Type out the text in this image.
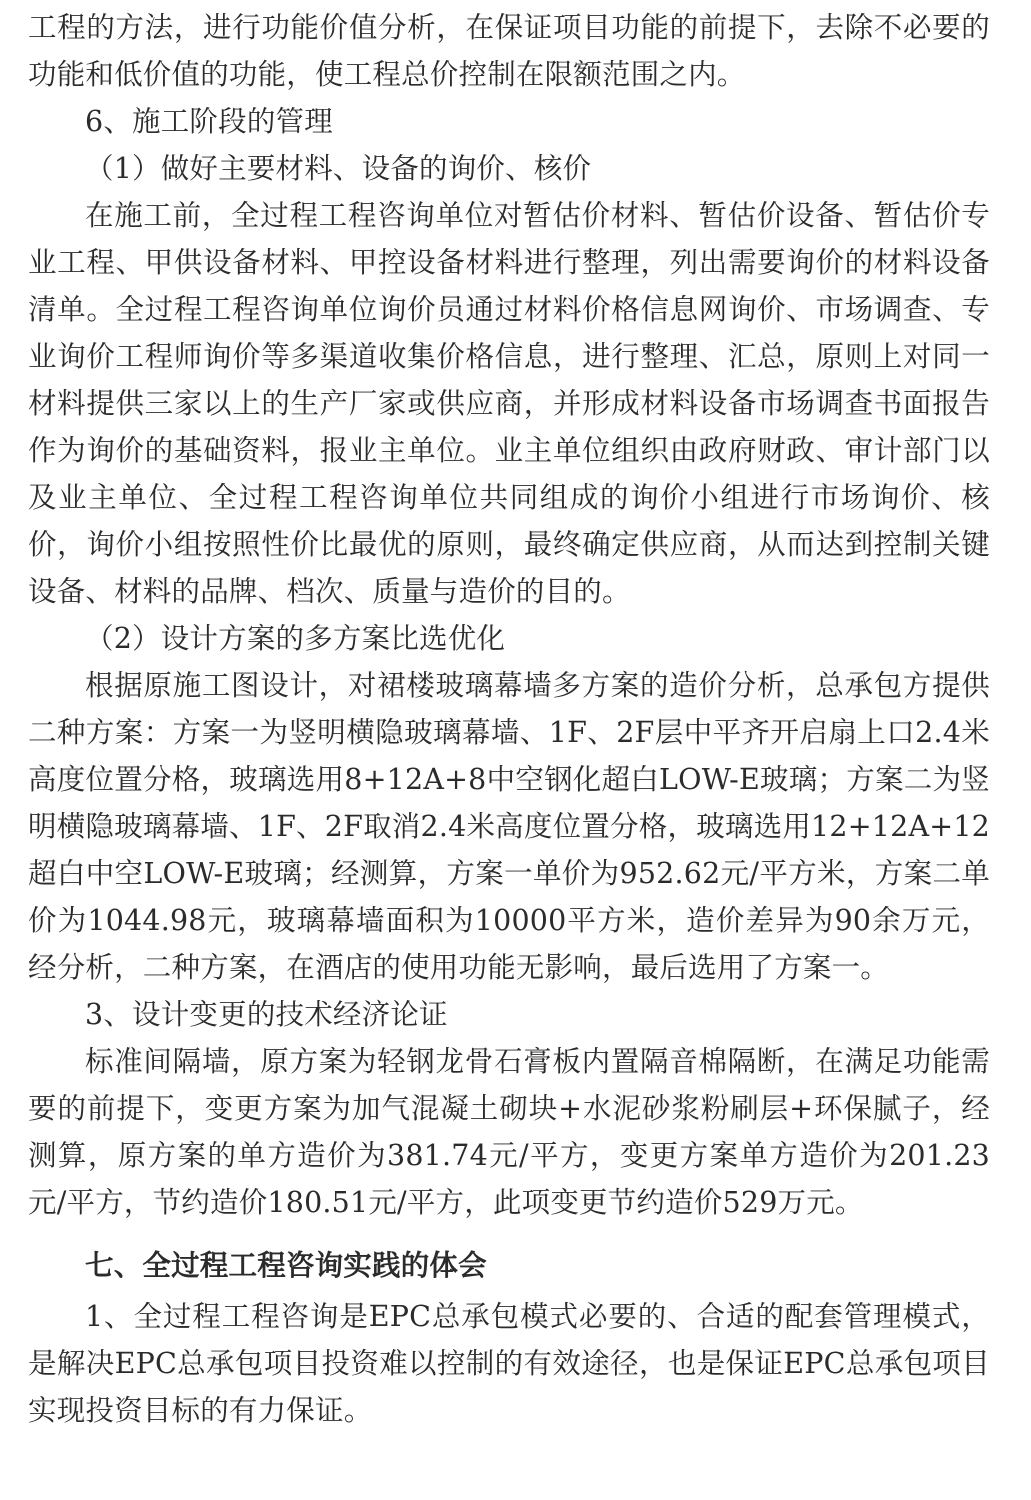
工程的方法，进行功能价值分析，在保证项目功能的前提下，去除不必要的功能和低价值的功能，使工程总价控制在限额范围之内。

6、施工阶段的管理

（1）做好主要材料、设备的询价、核价

在施工前，全过程工程咨询单位对暂估价材料、暂估价设备、暂估价专业工程、甲供设备材料、甲控设备材料进行整理，列出需要询价的材料设备清单。全过程工程咨询单位询价员通过材料价格信息网询价、市场调查、专业询价工程师询价等多渠道收集价格信息，进行整理、汇总，原则上对同一材料提供三家以上的生产厂家或供应商，并形成材料设备市场调查书面报告作为询价的基础资料，报业主单位。业主单位组织由政府财政、审计部门以及业主单位、全过程工程咨询单位共同组成的询价小组进行市场询价、核价，询价小组按照性价比最优的原则，最终确定供应商，从而达到控制关键设备、材料的品牌、档次、质量与造价的目的。

（2）设计方案的多方案比选优化

根据原施工图设计，对裙楼玻璃幕墙多方案的造价分析，总承包方提供二种方案：方案一为竖明横隐玻璃幕墙、1F、2F层中平齐开启扇上口2.4米高度位置分格，玻璃选用8+12A+8中空钢化超白LOW-E玻璃；方案二为竖明横隐玻璃幕墙、1F、2F取消2.4米高度位置分格，玻璃选用12+12A+12超白中空LOW-E玻璃；经测算，方案一单价为952.62元/平方米，方案二单价为1044.98元，玻璃幕墙面积为10000平方米，造价差异为90余万元，经分析，二种方案，在酒店的使用功能无影响，最后选用了方案一。

3、设计变更的技术经济论证

标准间隔墙，原方案为轻钢龙骨石膏板内置隔音棉隔断，在满足功能需要的前提下，变更方案为加气混凝土砌块+水泥砂浆粉刷层+环保腻子，经测算，原方案的单方造价为381.74元/平方，变更方案单方造价为201.23元/平方，节约造价180.51元/平方，此项变更节约造价529万元。

七、全过程工程咨询实践的体会

1、全过程工程咨询是EPC总承包模式必要的、合适的配套管理模式，是解决EPC总承包项目投资难以控制的有效途径，也是保证EPC总承包项目实现投资目标的有力保证。
